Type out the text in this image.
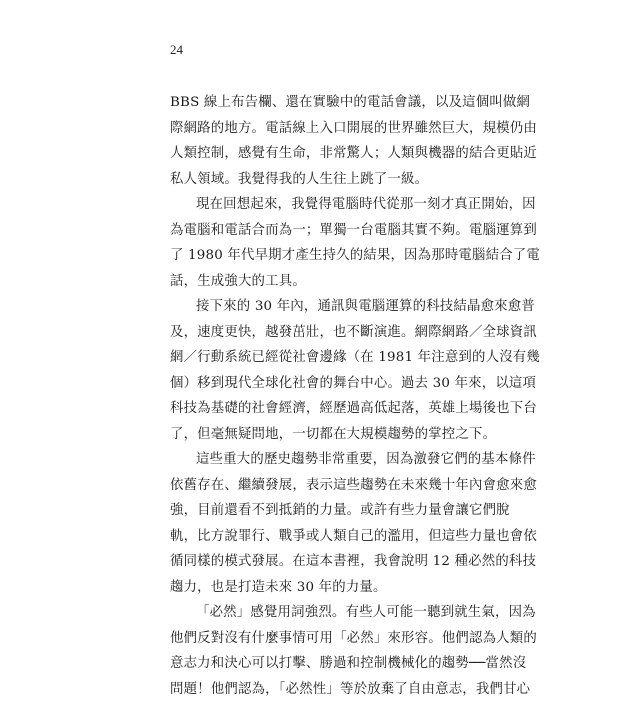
24

BBS 線上布告欄、還在實驗中的電話會議，以及這個叫做網
際網路的地方。電話線上入口開展的世界雖然巨大，規模仍由
人類控制，感覺有生命，非常驚人；人類與機器的結合更貼近
私人領域。我覺得我的人生往上跳了一級。

現在回想起來，我覺得電腦時代從那一刻才真正開始，因
為電腦和電話合而為一；單獨一台電腦其實不夠。電腦運算到
了 1980 年代早期才產生持久的結果，因為那時電腦結合了電
話，生成強大的工具。

接下來的 30 年內，通訊與電腦運算的科技結晶愈來愈普
及，速度更快，越發茁壯，也不斷演進。網際網路／全球資訊
網／行動系統已經從社會邊緣（在 1981 年注意到的人沒有幾
個）移到現代全球化社會的舞台中心。過去 30 年來，以這項
科技為基礎的社會經濟，經歷過高低起落，英雄上場後也下台
了，但毫無疑問地，一切都在大規模趨勢的掌控之下。

這些重大的歷史趨勢非常重要，因為激發它們的基本條件
依舊存在、繼續發展，表示這些趨勢在未來幾十年內會愈來愈
強，目前還看不到抵銷的力量。或許有些力量會讓它們脫
軌，比方說罪行、戰爭或人類自己的濫用，但這些力量也會依
循同樣的模式發展。在這本書裡，我會說明 12 種必然的科技
趨力，也是打造未來 30 年的力量。

「必然」感覺用詞強烈。有些人可能一聽到就生氣，因為
他們反對沒有什麼事情可用「必然」來形容。他們認為人類的
意志力和決心可以打擊、勝過和控制機械化的趨勢──當然沒
問題！他們認為，「必然性」等於放棄了自由意志，我們甘心
